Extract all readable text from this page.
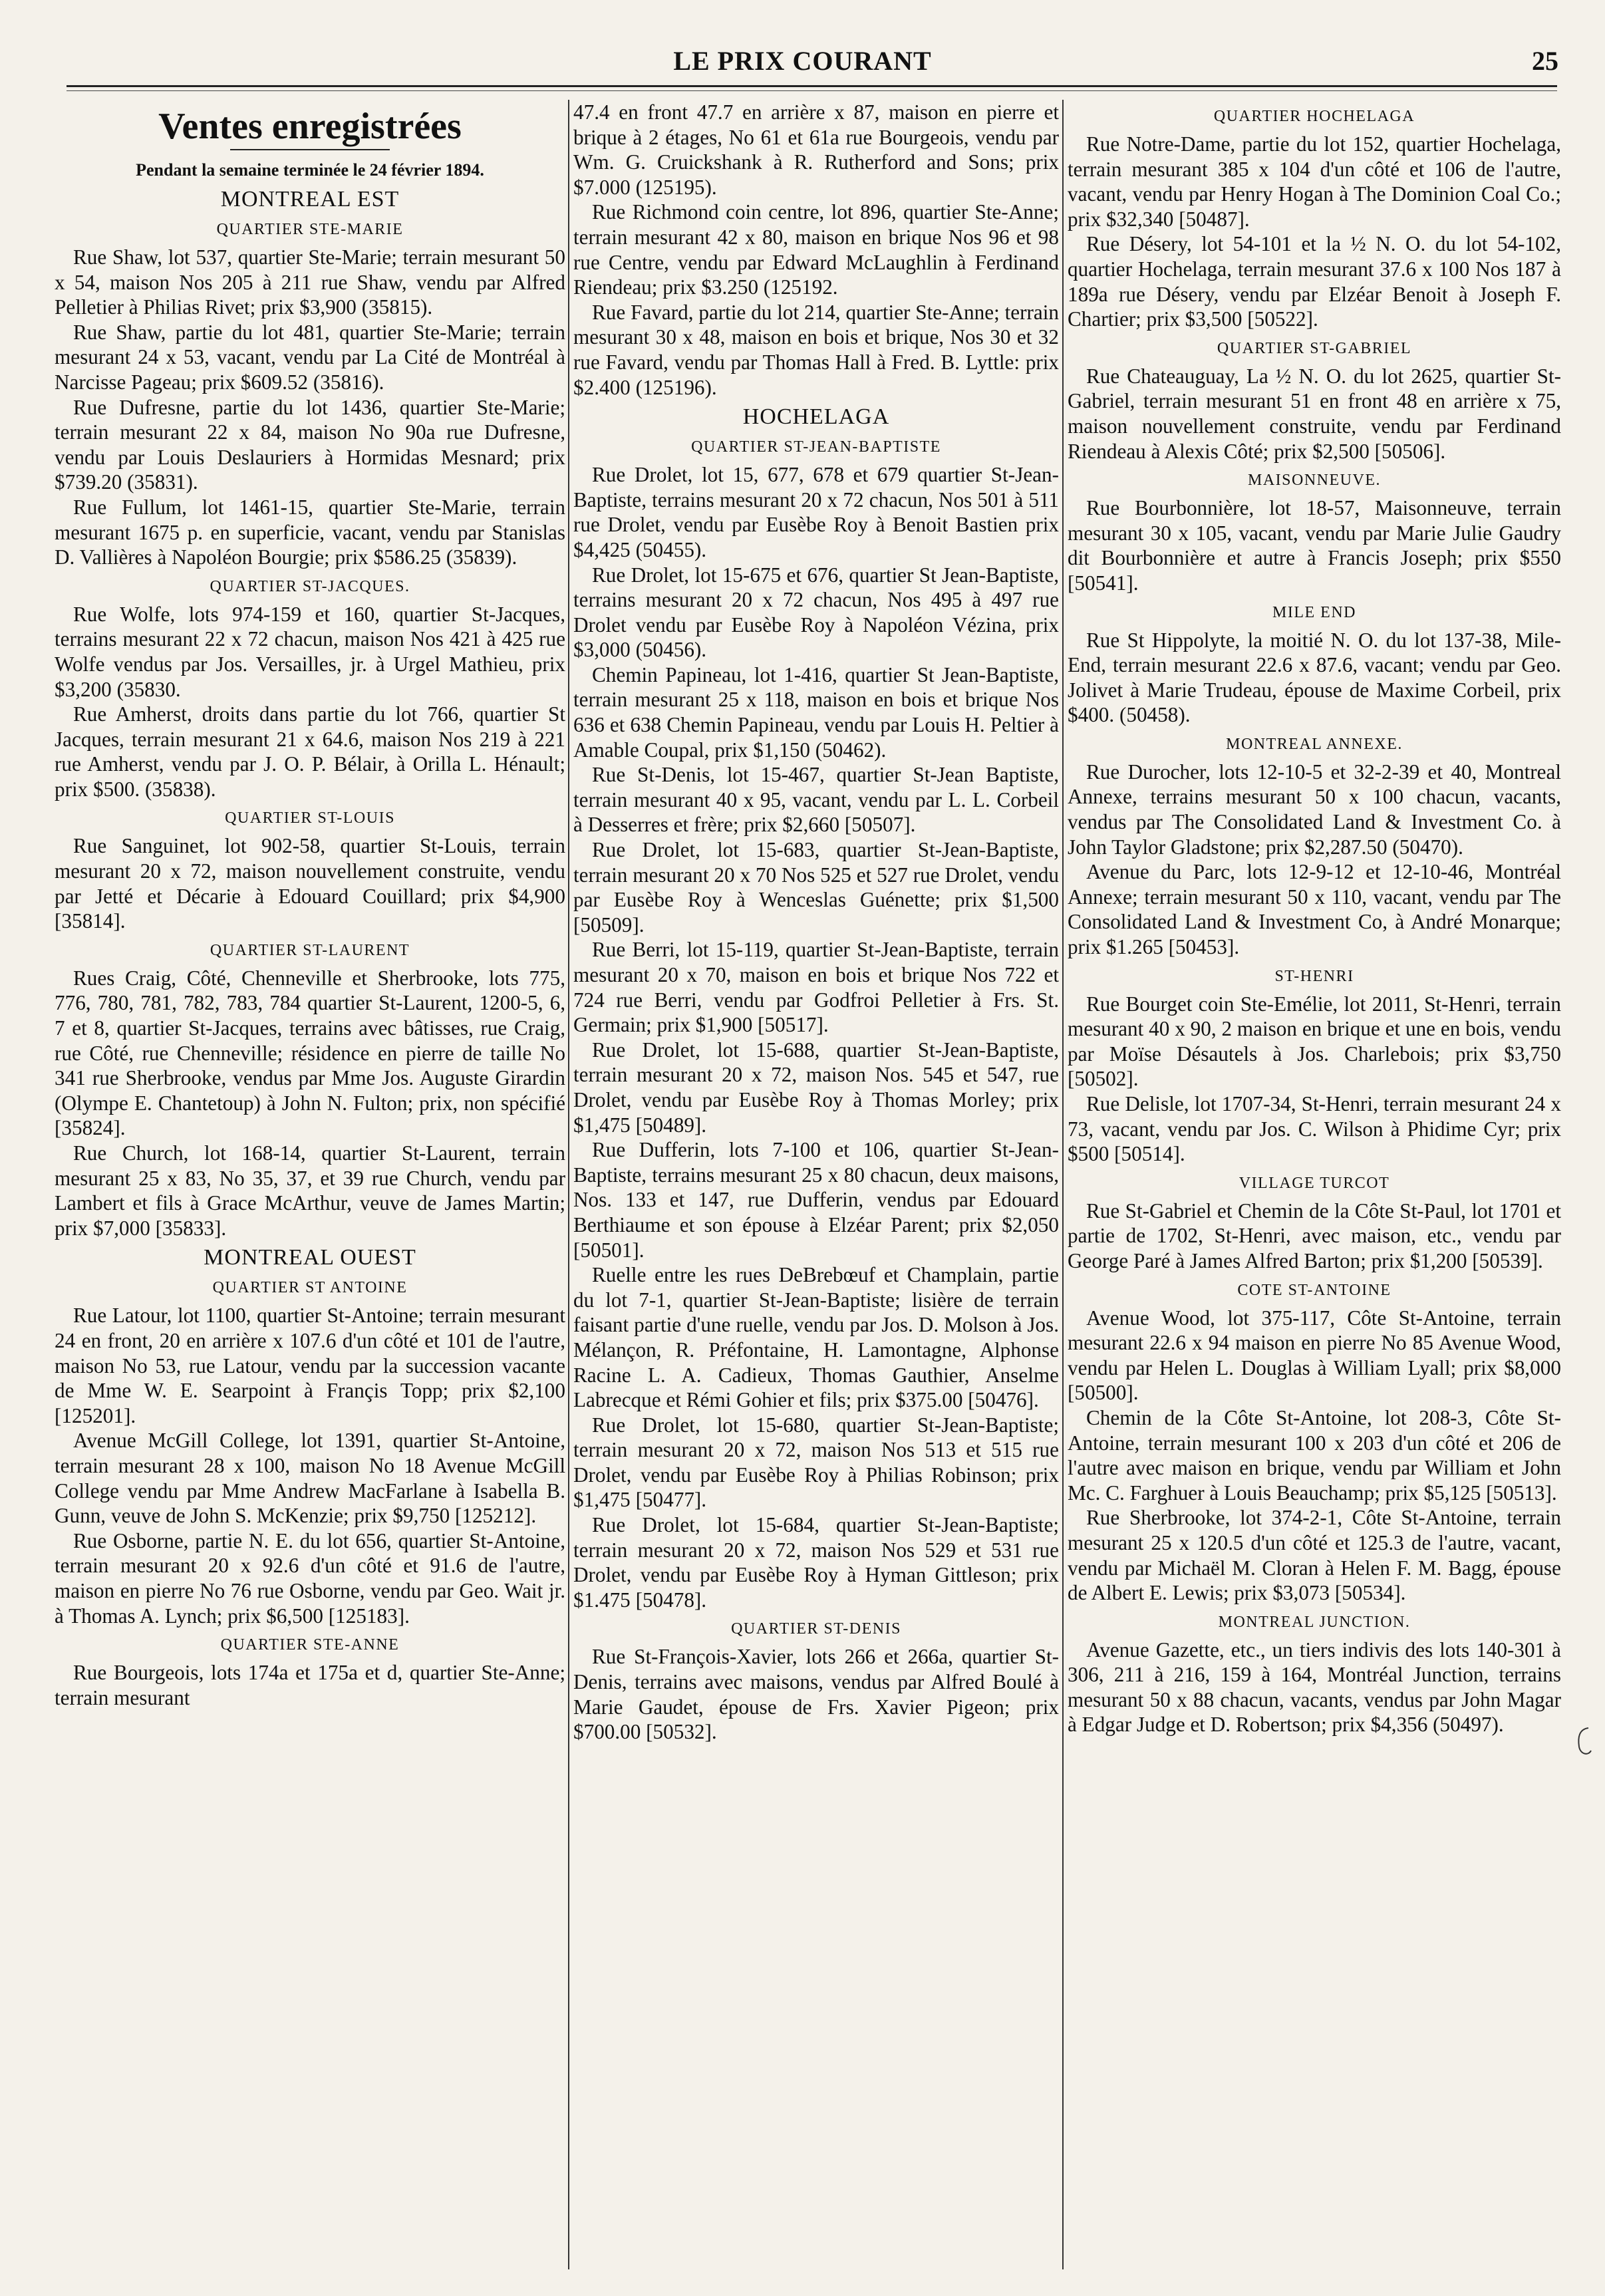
LE PRIX COURANT	25
Ventes enregistrées
Pendant la semaine terminée le 24 février 1894.
MONTREAL EST
QUARTIER STE-MARIE

Rue Shaw, lot 537, quartier Ste-Marie; terrain mesurant 50 x 54, maison Nos 205 à 211 rue Shaw, vendu par Alfred Pelletier à Philias Rivet; prix $3,900 (35815).

Rue Shaw, partie du lot 481, quartier Ste-Marie; terrain mesurant 24 x 53, vacant, vendu par La Cité de Montréal à Narcisse Pageau; prix $609.52 (35816).

Rue Dufresne, partie du lot 1436, quartier Ste-Marie; terrain mesurant 22 x 84, maison No 90a rue Dufresne, vendu par Louis Deslauriers à Hormidas Mesnard; prix $739.20 (35831).

Rue Fullum, lot 1461-15, quartier Ste-Marie, terrain mesurant 1675 p. en superficie, vacant, vendu par Stanislas D. Vallières à Napoléon Bourgie; prix $586.25 (35839).

QUARTIER ST-JACQUES.

Rue Wolfe, lots 974-159 et 160, quartier St-Jacques, terrains mesurant 22 x 72 chacun, maison Nos 421 à 425 rue Wolfe vendus par Jos. Versailles, jr. à Urgel Mathieu, prix $3,200 (35830.

Rue Amherst, droits dans partie du lot 766, quartier St Jacques, terrain mesurant 21 x 64.6, maison Nos 219 à 221 rue Amherst, vendu par J. O. P. Bélair, à Orilla L. Hénault; prix $500. (35838).

QUARTIER ST-LOUIS

Rue Sanguinet, lot 902-58, quartier St-Louis, terrain mesurant 20 x 72, maison nouvellement construite, vendu par Jetté et Décarie à Edouard Couillard; prix $4,900 [35814].

QUARTIER ST-LAURENT

Rues Craig, Côté, Chenneville et Sherbrooke, lots 775, 776, 780, 781, 782, 783, 784 quartier St-Laurent, 1200-5, 6, 7 et 8, quartier St-Jacques, terrains avec bâtisses, rue Craig, rue Côté, rue Chenneville; résidence en pierre de taille No 341 rue Sherbrooke, vendus par Mme Jos. Auguste Girardin (Olympe E. Chantetoup) à John N. Fulton; prix, non spécifié [35824].

Rue Church, lot 168-14, quartier St-Laurent, terrain mesurant 25 x 83, No 35, 37, et 39 rue Church, vendu par Lambert et fils à Grace McArthur, veuve de James Martin; prix $7,000 [35833].

MONTREAL OUEST
QUARTIER ST ANTOINE

Rue Latour, lot 1100, quartier St-Antoine; terrain mesurant 24 en front, 20 en arrière x 107.6 d'un côté et 101 de l'autre, maison No 53, rue Latour, vendu par la succession vacante de Mme W. E. Searpoint à Françis Topp; prix $2,100 [125201].

Avenue McGill College, lot 1391, quartier St-Antoine, terrain mesurant 28 x 100, maison No 18 Avenue McGill College vendu par Mme Andrew MacFarlane à Isabella B. Gunn, veuve de John S. McKenzie; prix $9,750 [125212].

Rue Osborne, partie N. E. du lot 656, quartier St-Antoine, terrain mesurant 20 x 92.6 d'un côté et 91.6 de l'autre, maison en pierre No 76 rue Osborne, vendu par Geo. Wait jr. à Thomas A. Lynch; prix $6,500 [125183].

QUARTIER STE-ANNE

Rue Bourgeois, lots 174a et 175a et d, quartier Ste-Anne; terrain mesurant

47.4 en front 47.7 en arrière x 87, maison en pierre et brique à 2 étages, No 61 et 61a rue Bourgeois, vendu par Wm. G. Cruickshank à R. Rutherford and Sons; prix $7.000 (125195).

Rue Richmond coin centre, lot 896, quartier Ste-Anne; terrain mesurant 42 x 80, maison en brique Nos 96 et 98 rue Centre, vendu par Edward McLaughlin à Ferdinand Riendeau; prix $3.250 (125192.

Rue Favard, partie du lot 214, quartier Ste-Anne; terrain mesurant 30 x 48, maison en bois et brique, Nos 30 et 32 rue Favard, vendu par Thomas Hall à Fred. B. Lyttle: prix $2.400 (125196).

HOCHELAGA
QUARTIER ST-JEAN-BAPTISTE

Rue Drolet, lot 15, 677, 678 et 679 quartier St-Jean-Baptiste, terrains mesurant 20 x 72 chacun, Nos 501 à 511 rue Drolet, vendu par Eusèbe Roy à Benoit Bastien prix $4,425 (50455).

Rue Drolet, lot 15-675 et 676, quartier St Jean-Baptiste, terrains mesurant 20 x 72 chacun, Nos 495 à 497 rue Drolet vendu par Eusèbe Roy à Napoléon Vézina, prix $3,000 (50456).

Chemin Papineau, lot 1-416, quartier St Jean-Baptiste, terrain mesurant 25 x 118, maison en bois et brique Nos 636 et 638 Chemin Papineau, vendu par Louis H. Peltier à Amable Coupal, prix $1,150 (50462).

Rue St-Denis, lot 15-467, quartier St-Jean Baptiste, terrain mesurant 40 x 95, vacant, vendu par L. L. Corbeil à Desserres et frère; prix $2,660 [50507].

Rue Drolet, lot 15-683, quartier St-Jean-Baptiste, terrain mesurant 20 x 70 Nos 525 et 527 rue Drolet, vendu par Eusèbe Roy à Wenceslas Guénette; prix $1,500 [50509].

Rue Berri, lot 15-119, quartier St-Jean-Baptiste, terrain mesurant 20 x 70, maison en bois et brique Nos 722 et 724 rue Berri, vendu par Godfroi Pelletier à Frs. St. Germain; prix $1,900 [50517].

Rue Drolet, lot 15-688, quartier St-Jean-Baptiste, terrain mesurant 20 x 72, maison Nos. 545 et 547, rue Drolet, vendu par Eusèbe Roy à Thomas Morley; prix $1,475 [50489].

Rue Dufferin, lots 7-100 et 106, quartier St-Jean-Baptiste, terrains mesurant 25 x 80 chacun, deux maisons, Nos. 133 et 147, rue Dufferin, vendus par Edouard Berthiaume et son épouse à Elzéar Parent; prix $2,050 [50501].

Ruelle entre les rues DeBrebœuf et Champlain, partie du lot 7-1, quartier St-Jean-Baptiste; lisière de terrain faisant partie d'une ruelle, vendu par Jos. D. Molson à Jos. Mélançon, R. Préfontaine, H. Lamontagne, Alphonse Racine L. A. Cadieux, Thomas Gauthier, Anselme Labrecque et Rémi Gohier et fils; prix $375.00 [50476].

Rue Drolet, lot 15-680, quartier St-Jean-Baptiste; terrain mesurant 20 x 72, maison Nos 513 et 515 rue Drolet, vendu par Eusèbe Roy à Philias Robinson; prix $1,475 [50477].

Rue Drolet, lot 15-684, quartier St-Jean-Baptiste; terrain mesurant 20 x 72, maison Nos 529 et 531 rue Drolet, vendu par Eusèbe Roy à Hyman Gittleson; prix $1.475 [50478].

QUARTIER ST-DENIS

Rue St-François-Xavier, lots 266 et 266a, quartier St-Denis, terrains avec maisons, vendus par Alfred Boulé à Marie Gaudet, épouse de Frs. Xavier Pigeon; prix $700.00 [50532].

QUARTIER HOCHELAGA

Rue Notre-Dame, partie du lot 152, quartier Hochelaga, terrain mesurant 385 x 104 d'un côté et 106 de l'autre, vacant, vendu par Henry Hogan à The Dominion Coal Co.; prix $32,340 [50487].

Rue Désery, lot 54-101 et la ½ N. O. du lot 54-102, quartier Hochelaga, terrain mesurant 37.6 x 100 Nos 187 à 189a rue Désery, vendu par Elzéar Benoit à Joseph F. Chartier; prix $3,500 [50522].

QUARTIER ST-GABRIEL

Rue Chateauguay, La ½ N. O. du lot 2625, quartier St-Gabriel, terrain mesurant 51 en front 48 en arrière x 75, maison nouvellement construite, vendu par Ferdinand Riendeau à Alexis Côté; prix $2,500 [50506].

MAISONNEUVE.

Rue Bourbonnière, lot 18-57, Maisonneuve, terrain mesurant 30 x 105, vacant, vendu par Marie Julie Gaudry dit Bourbonnière et autre à Francis Joseph; prix $550 [50541].

MILE END

Rue St Hippolyte, la moitié N. O. du lot 137-38, Mile-End, terrain mesurant 22.6 x 87.6, vacant; vendu par Geo. Jolivet à Marie Trudeau, épouse de Maxime Corbeil, prix $400. (50458).

MONTREAL ANNEXE.

Rue Durocher, lots 12-10-5 et 32-2-39 et 40, Montreal Annexe, terrains mesurant 50 x 100 chacun, vacants, vendus par The Consolidated Land & Investment Co. à John Taylor Gladstone; prix $2,287.50 (50470).

Avenue du Parc, lots 12-9-12 et 12-10-46, Montréal Annexe; terrain mesurant 50 x 110, vacant, vendu par The Consolidated Land & Investment Co, à André Monarque; prix $1.265 [50453].

ST-HENRI

Rue Bourget coin Ste-Emélie, lot 2011, St-Henri, terrain mesurant 40 x 90, 2 maison en brique et une en bois, vendu par Moïse Désautels à Jos. Charlebois; prix $3,750 [50502].

Rue Delisle, lot 1707-34, St-Henri, terrain mesurant 24 x 73, vacant, vendu par Jos. C. Wilson à Phidime Cyr; prix $500 [50514].

VILLAGE TURCOT

Rue St-Gabriel et Chemin de la Côte St-Paul, lot 1701 et partie de 1702, St-Henri, avec maison, etc., vendu par George Paré à James Alfred Barton; prix $1,200 [50539].

COTE ST-ANTOINE

Avenue Wood, lot 375-117, Côte St-Antoine, terrain mesurant 22.6 x 94 maison en pierre No 85 Avenue Wood, vendu par Helen L. Douglas à William Lyall; prix $8,000 [50500].

Chemin de la Côte St-Antoine, lot 208-3, Côte St-Antoine, terrain mesurant 100 x 203 d'un côté et 206 de l'autre avec maison en brique, vendu par William et John Mc. C. Farghuer à Louis Beauchamp; prix $5,125 [50513].

Rue Sherbrooke, lot 374-2-1, Côte St-Antoine, terrain mesurant 25 x 120.5 d'un côté et 125.3 de l'autre, vacant, vendu par Michaël M. Cloran à Helen F. M. Bagg, épouse de Albert E. Lewis; prix $3,073 [50534].

MONTREAL JUNCTION.

Avenue Gazette, etc., un tiers indivis des lots 140-301 à 306, 211 à 216, 159 à 164, Montréal Junction, terrains mesurant 50 x 88 chacun, vacants, vendus par John Magar à Edgar Judge et D. Robertson; prix $4,356 (50497).
